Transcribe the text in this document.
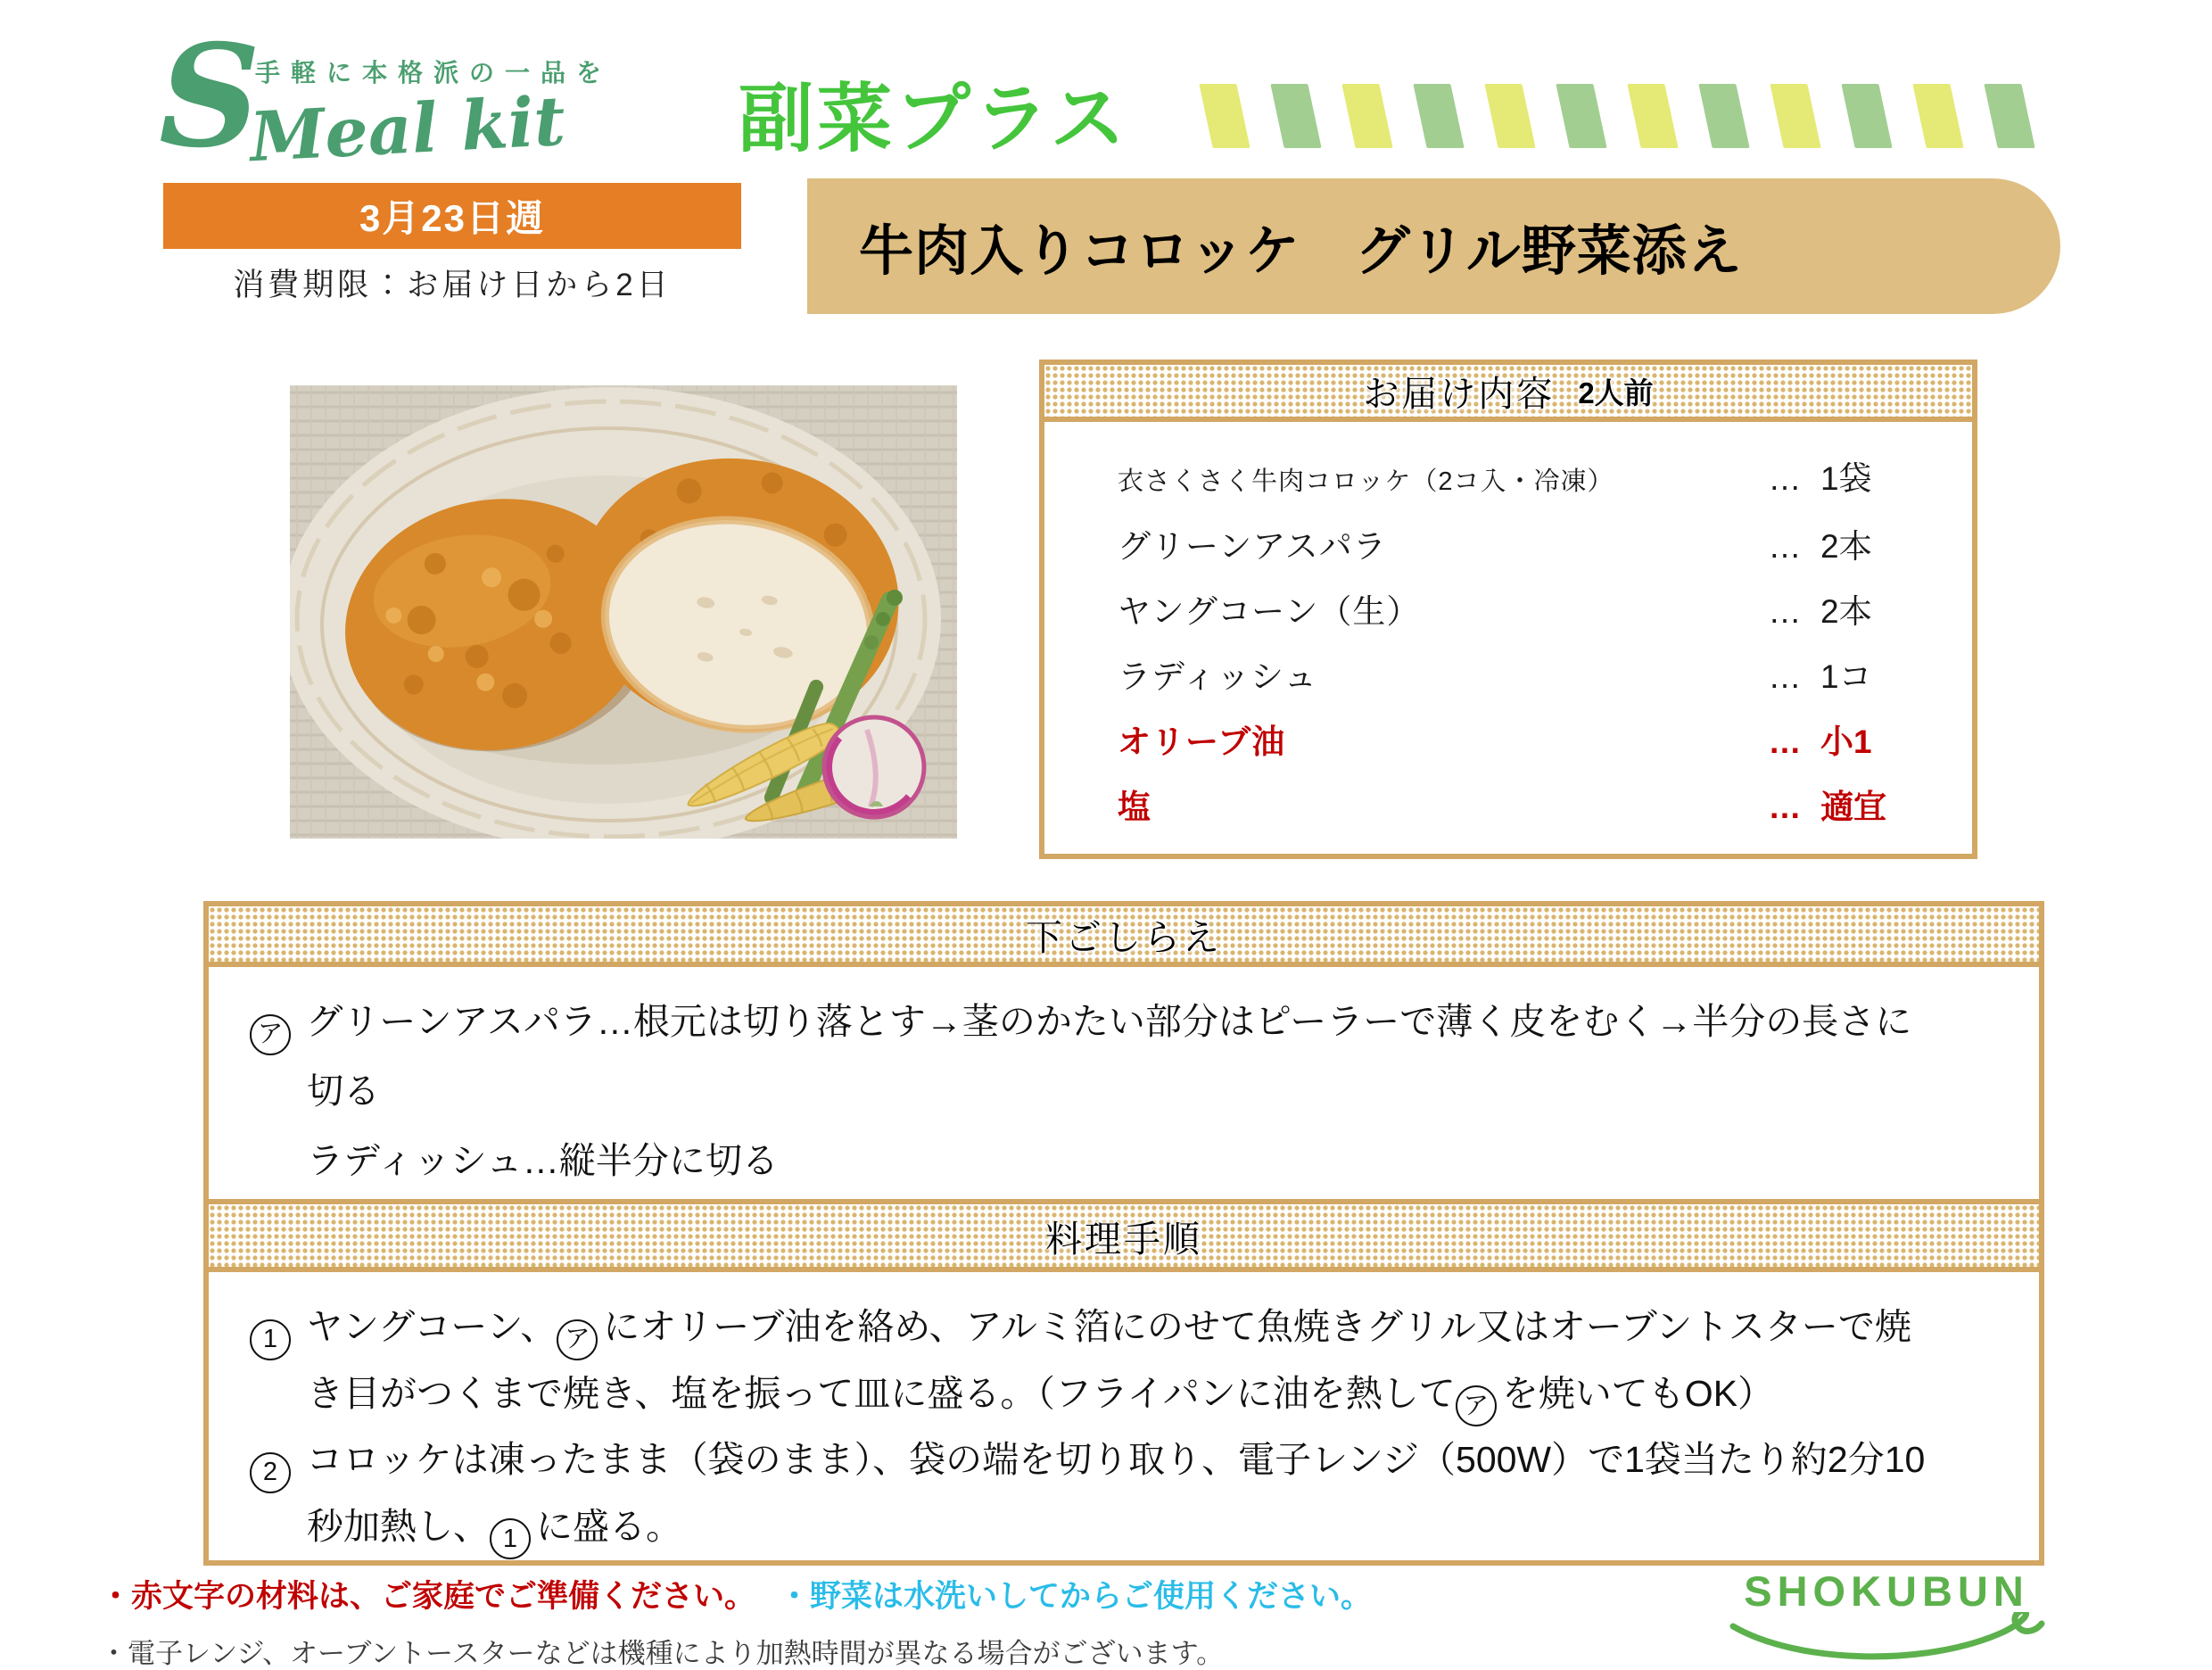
S
手軽に本格派の一品を
Meal kit 副菜プラス
3月23日週
消費期限：お届け日から2日
牛肉入りコロッケ　グリル野菜添え
お届け内容 2人前
衣さくさく牛肉コロッケ（2コ入・冷凍）	… 1袋
グリーンアスパラ	… 2本
ヤングコーン（生）	… 2本
ラディッシュ	… 1コ
オリーブ油	… 小1
塩	… 適宜
下ごしらえ
ア グリーンアスパラ…根元は切り落とす→茎のかたい部分はピーラーで薄く皮をむく→半分の長さに
切る
ラディッシュ…縦半分に切る
料理手順
1 ヤングコーン、 ア にオリーブ油を絡め、アルミ箔にのせて魚焼きグリル又はオーブントスターで焼
き目がつくまで焼き、塩を振って皿に盛る。（フライパンに油を熱して ア を焼いてもOK）
2 コロッケは凍ったまま（袋のまま）、袋の端を切り取り、電子レンジ（500W）で1袋当たり約2分10
秒加熱し、 1 に盛る。
・赤文字の材料は、ご家庭でご準備ください。 ・野菜は水洗いしてからご使用ください。
・電子レンジ、オーブントースターなどは機種により加熱時間が異なる場合がございます。
SHOKUBUN
